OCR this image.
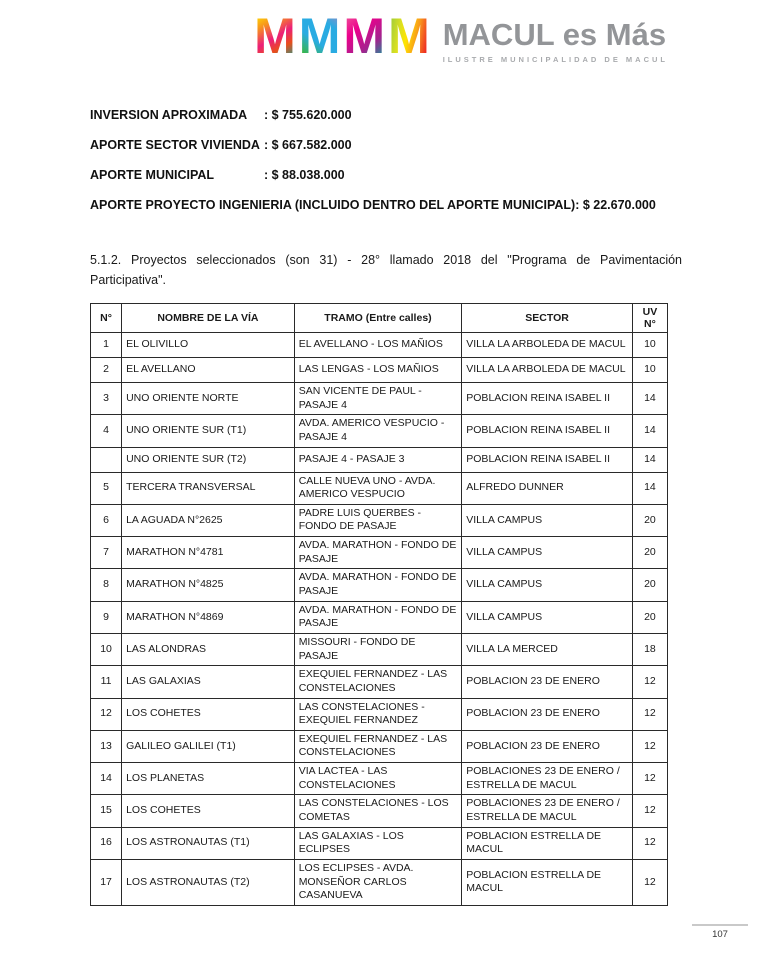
M M M M MACUL es Más
ILUSTRE MUNICIPALIDAD DE MACUL
INVERSION APROXIMADA	: $ 755.620.000
APORTE SECTOR VIVIENDA : $ 667.582.000
APORTE MUNICIPAL	: $ 88.038.000
APORTE PROYECTO INGENIERIA (INCLUIDO DENTRO DEL APORTE MUNICIPAL): $ 22.670.000

5.1.2. Proyectos seleccionados (son 31) - 28° llamado 2018 del "Programa de Pavimentación Participativa".

N°	NOMBRE DE LA VÍA	TRAMO (Entre calles)	SECTOR	UV N°
1	EL OLIVILLO	EL AVELLANO - LOS MAÑIOS	VILLA LA ARBOLEDA DE MACUL	10
2	EL AVELLANO	LAS LENGAS - LOS MAÑIOS	VILLA LA ARBOLEDA DE MACUL	10
3	UNO ORIENTE NORTE	SAN VICENTE DE PAUL - PASAJE 4	POBLACION REINA ISABEL II	14
4	UNO ORIENTE SUR (T1)	AVDA. AMERICO VESPUCIO - PASAJE 4	POBLACION REINA ISABEL II	14
	UNO ORIENTE SUR (T2)	PASAJE 4 - PASAJE 3	POBLACION REINA ISABEL II	14
5	TERCERA TRANSVERSAL	CALLE NUEVA UNO - AVDA. AMERICO VESPUCIO	ALFREDO DUNNER	14
6	LA AGUADA N°2625	PADRE LUIS QUERBES - FONDO DE PASAJE	VILLA CAMPUS	20
7	MARATHON N°4781	AVDA. MARATHON - FONDO DE PASAJE	VILLA CAMPUS	20
8	MARATHON N°4825	AVDA. MARATHON - FONDO DE PASAJE	VILLA CAMPUS	20
9	MARATHON N°4869	AVDA. MARATHON - FONDO DE PASAJE	VILLA CAMPUS	20
10	LAS ALONDRAS	MISSOURI - FONDO DE PASAJE	VILLA LA MERCED	18
11	LAS GALAXIAS	EXEQUIEL FERNANDEZ - LAS CONSTELACIONES	POBLACION 23 DE ENERO	12
12	LOS COHETES	LAS CONSTELACIONES - EXEQUIEL FERNANDEZ	POBLACION 23 DE ENERO	12
13	GALILEO GALILEI (T1)	EXEQUIEL FERNANDEZ - LAS CONSTELACIONES	POBLACION 23 DE ENERO	12
14	LOS PLANETAS	VIA LACTEA - LAS CONSTELACIONES	POBLACIONES 23 DE ENERO / ESTRELLA DE MACUL	12
15	LOS COHETES	LAS CONSTELACIONES - LOS COMETAS	POBLACIONES 23 DE ENERO / ESTRELLA DE MACUL	12
16	LOS ASTRONAUTAS (T1)	LAS GALAXIAS - LOS ECLIPSES	POBLACION ESTRELLA DE MACUL	12
17	LOS ASTRONAUTAS (T2)	LOS ECLIPSES - AVDA. MONSEÑOR CARLOS CASANUEVA	POBLACION ESTRELLA DE MACUL	12
107
